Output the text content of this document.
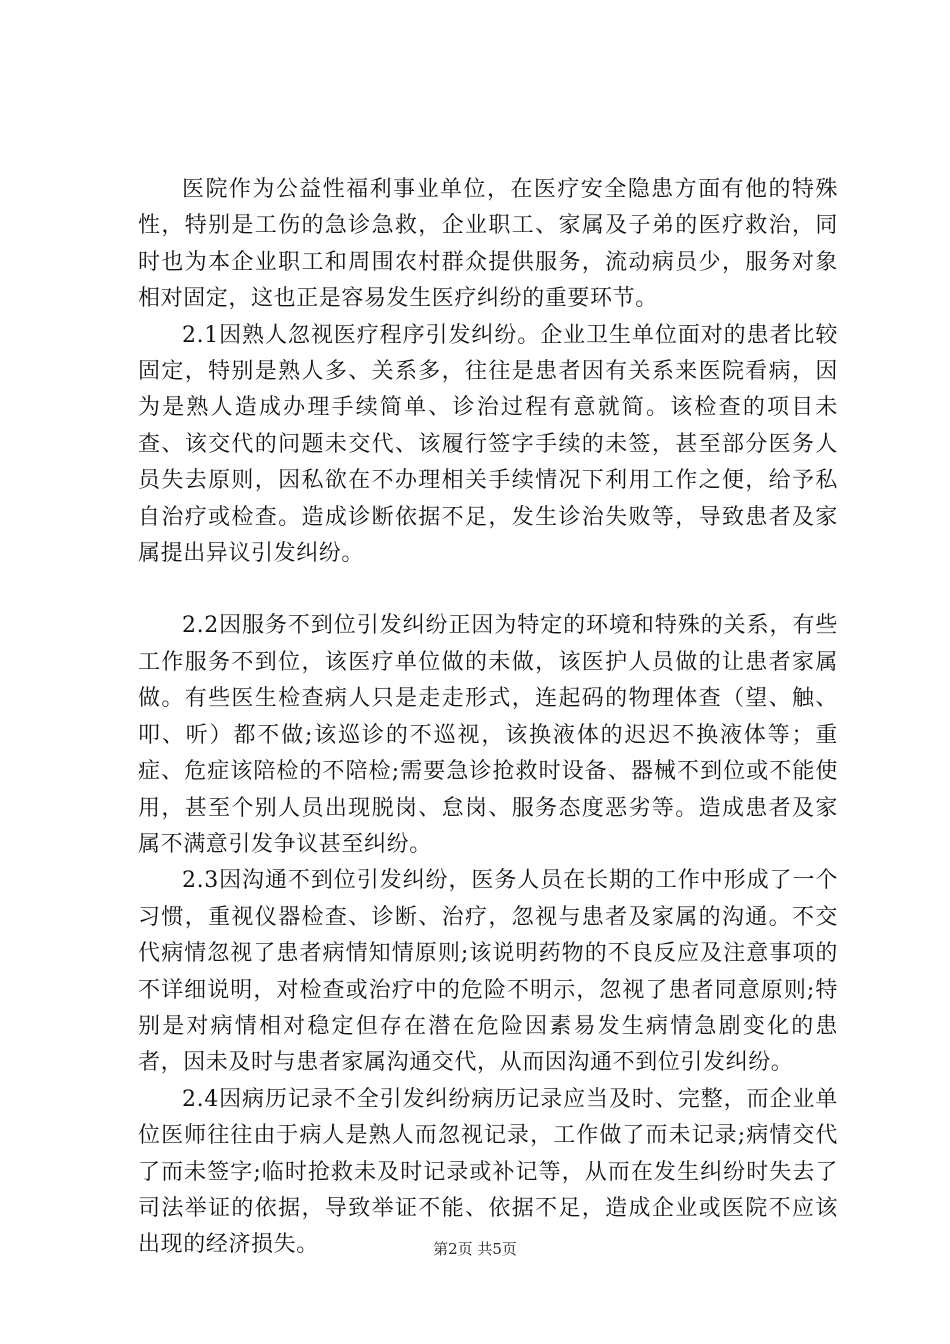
医院作为公益性福利事业单位，在医疗安全隐患方面有他的特殊性，特别是工伤的急诊急救，企业职工、家属及子弟的医疗救治，同时也为本企业职工和周围农村群众提供服务，流动病员少，服务对象相对固定，这也正是容易发生医疗纠纷的重要环节。

2.1因熟人忽视医疗程序引发纠纷。企业卫生单位面对的患者比较固定，特别是熟人多、关系多，往往是患者因有关系来医院看病，因为是熟人造成办理手续简单、诊治过程有意就简。该检查的项目未查、该交代的问题未交代、该履行签字手续的未签，甚至部分医务人员失去原则，因私欲在不办理相关手续情况下利用工作之便，给予私自治疗或检查。造成诊断依据不足，发生诊治失败等，导致患者及家属提出异议引发纠纷。

2.2因服务不到位引发纠纷正因为特定的环境和特殊的关系，有些工作服务不到位，该医疗单位做的未做，该医护人员做的让患者家属做。有些医生检查病人只是走走形式，连起码的物理体查（望、触、叩、听）都不做;该巡诊的不巡视，该换液体的迟迟不换液体等；重症、危症该陪检的不陪检;需要急诊抢救时设备、器械不到位或不能使用，甚至个别人员出现脱岗、怠岗、服务态度恶劣等。造成患者及家属不满意引发争议甚至纠纷。

2.3因沟通不到位引发纠纷，医务人员在长期的工作中形成了一个习惯，重视仪器检查、诊断、治疗，忽视与患者及家属的沟通。不交代病情忽视了患者病情知情原则;该说明药物的不良反应及注意事项的不详细说明，对检查或治疗中的危险不明示，忽视了患者同意原则;特别是对病情相对稳定但存在潜在危险因素易发生病情急剧变化的患者，因未及时与患者家属沟通交代，从而因沟通不到位引发纠纷。

2.4因病历记录不全引发纠纷病历记录应当及时、完整，而企业单位医师往往由于病人是熟人而忽视记录，工作做了而未记录;病情交代了而未签字;临时抢救未及时记录或补记等，从而在发生纠纷时失去了司法举证的依据，导致举证不能、依据不足，造成企业或医院不应该出现的经济损失。	第2页 共5页
